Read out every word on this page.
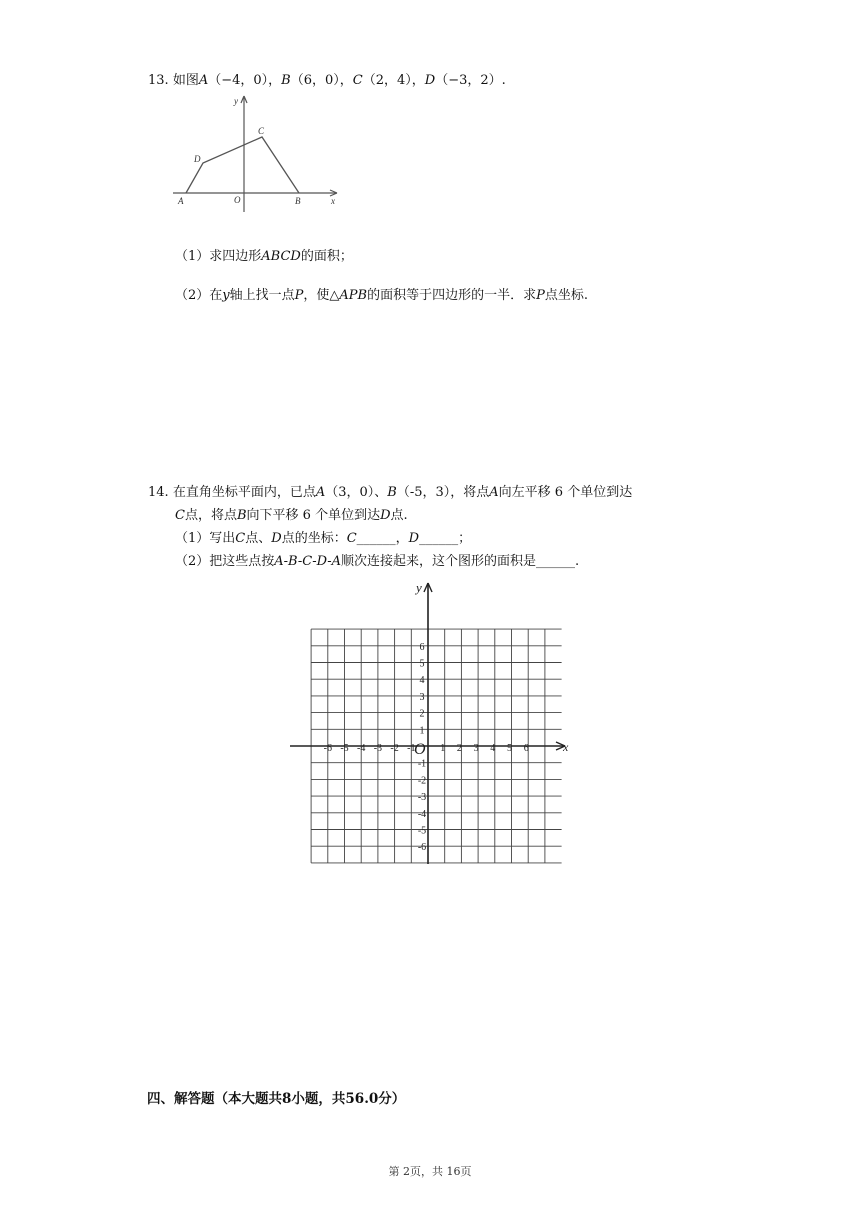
13. 如图A（−4，0），B（6，0），C（2，4），D（−3，2）.
y
x
O
A	B
C
D
（1）求四边形ABCD的面积；
（2）在y轴上找一点P，使△APB的面积等于四边形的一半．求P点坐标.
14. 在直角坐标平面内，已点A（3，0）、B（-5，3），将点A向左平移 6 个单位到达
C点，将点B向下平移 6 个单位到达D点.
（1）写出C点、D点的坐标：C______，D______；
（2）把这些点按A-B-C-D-A顺次连接起来，这个图形的面积是______.
-6 -5 -4 -3 -2 -1 1 2 3 4 5 6
6
5
4
3
2
1
-1
-2
-3
-4
-5
-6
O	x
y
四、解答题（本大题共8小题，共56.0分）
第 2页，共 16页
